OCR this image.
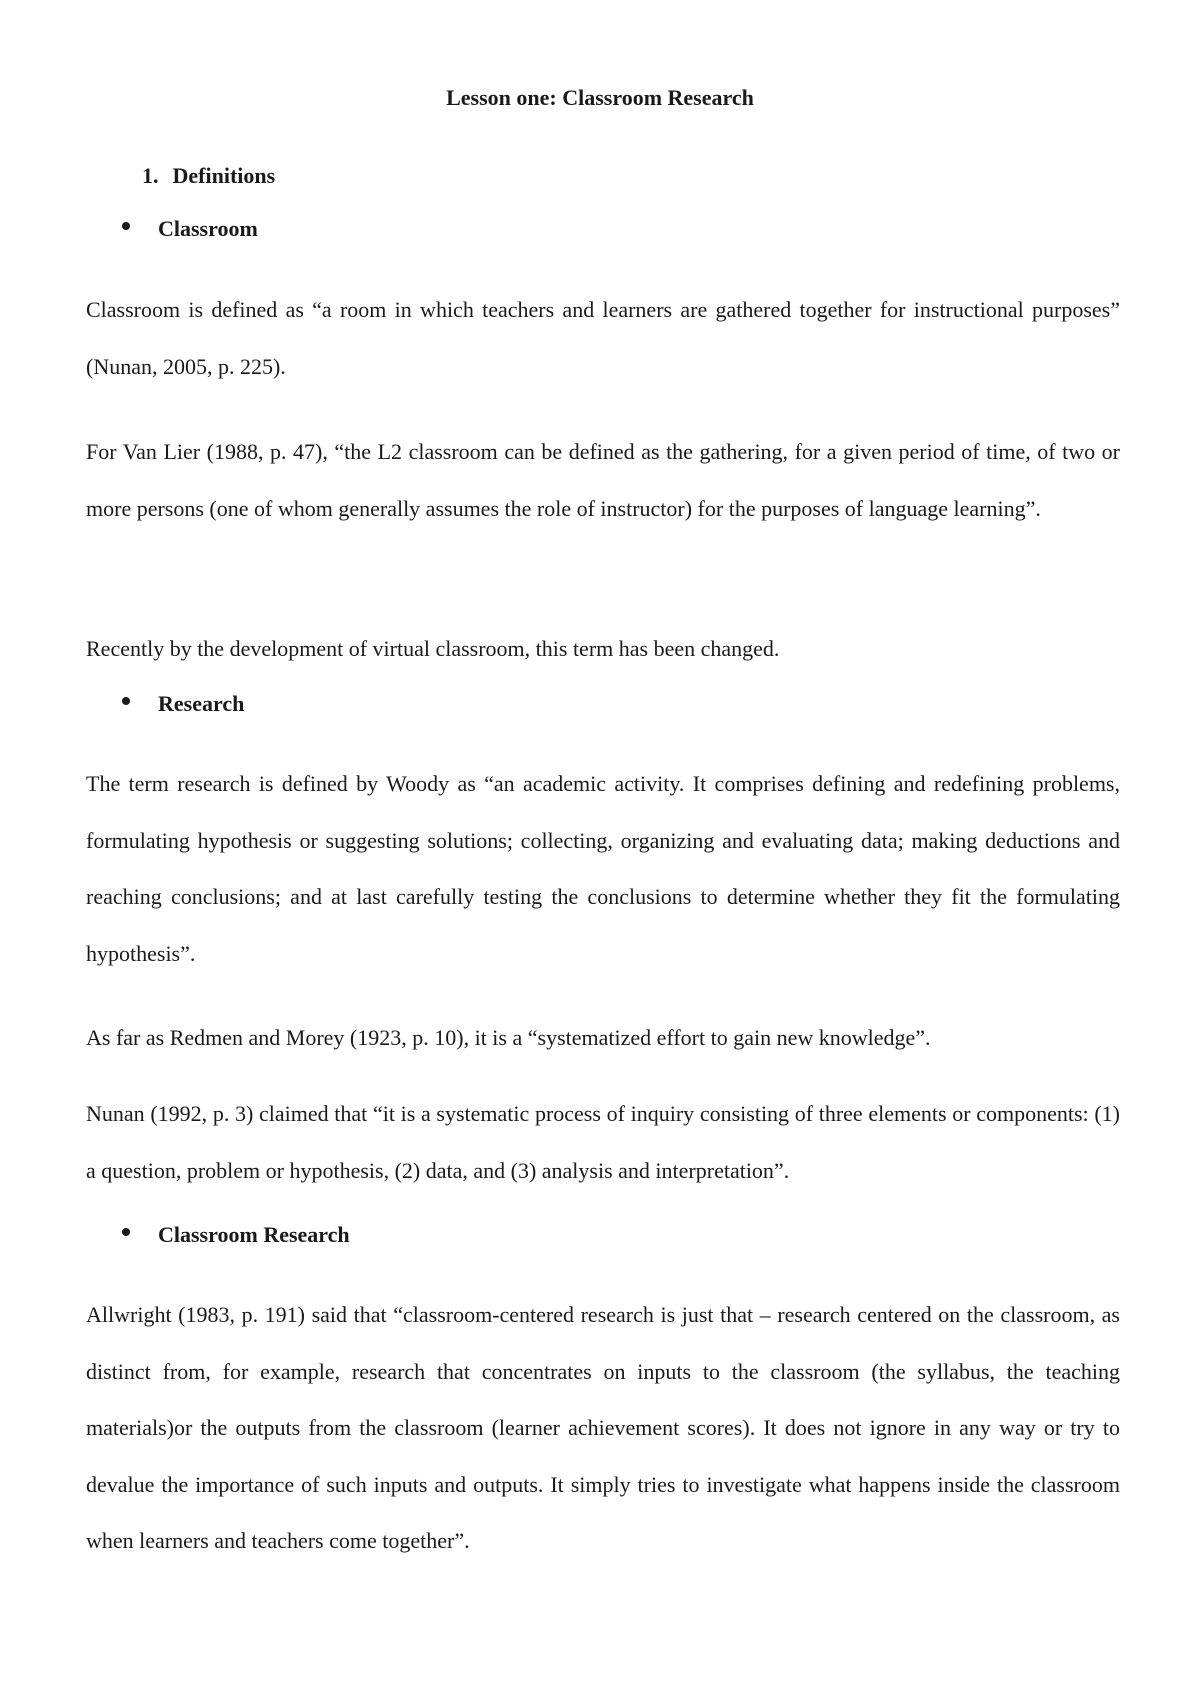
Lesson one: Classroom Research
1. Definitions
Classroom

Classroom is defined as “a room in which teachers and learners are gathered together for instructional purposes” (Nunan, 2005, p. 225).

For Van Lier (1988, p. 47), “the L2 classroom can be defined as the gathering, for a given period of time, of two or more persons (one of whom generally assumes the role of instructor) for the purposes of language learning”.

Recently by the development of virtual classroom, this term has been changed.

Research

The term research is defined by Woody as “an academic activity. It comprises defining and redefining problems, formulating hypothesis or suggesting solutions; collecting, organizing and evaluating data; making deductions and reaching conclusions; and at last carefully testing the conclusions to determine whether they fit the formulating hypothesis”.

As far as Redmen and Morey (1923, p. 10), it is a “systematized effort to gain new knowledge”.

Nunan (1992, p. 3) claimed that “it is a systematic process of inquiry consisting of three elements or components: (1) a question, problem or hypothesis, (2) data, and (3) analysis and interpretation”.

Classroom Research

Allwright (1983, p. 191) said that “classroom-centered research is just that – research centered on the classroom, as distinct from, for example, research that concentrates on inputs to the classroom (the syllabus, the teaching materials)or the outputs from the classroom (learner achievement scores). It does not ignore in any way or try to devalue the importance of such inputs and outputs. It simply tries to investigate what happens inside the classroom when learners and teachers come together”.
